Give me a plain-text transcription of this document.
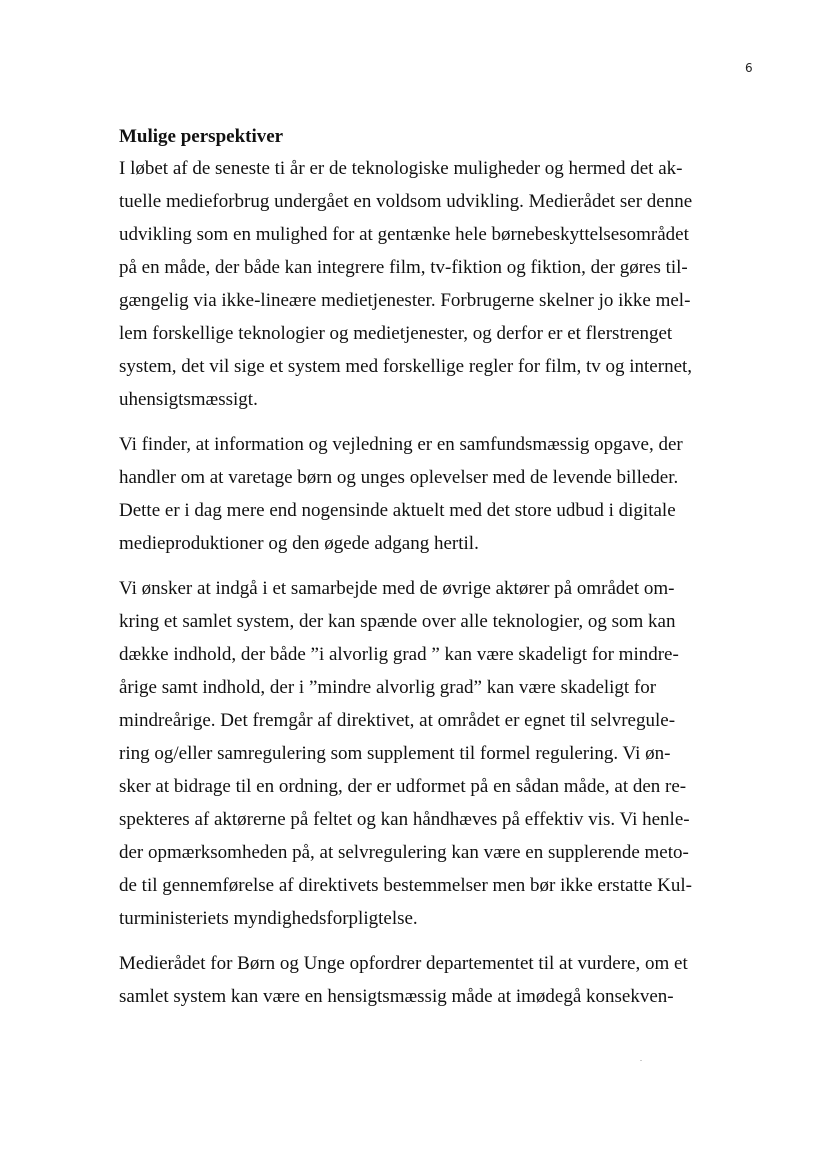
6
Mulige perspektiver
I løbet af de seneste ti år er de teknologiske muligheder og hermed det ak-
tuelle medieforbrug undergået en voldsom udvikling. Medierådet ser denne
udvikling som en mulighed for at gentænke hele børnebeskyttelsesområdet
på en måde, der både kan integrere film, tv-fiktion og fiktion, der gøres til-
gængelig via ikke-lineære medietjenester. Forbrugerne skelner jo ikke mel-
lem forskellige teknologier og medietjenester, og derfor er et flerstrenget
system, det vil sige et system med forskellige regler for film, tv og internet,
uhensigtsmæssigt.
Vi finder, at information og vejledning er en samfundsmæssig opgave, der
handler om at varetage børn og unges oplevelser med de levende billeder.
Dette er i dag mere end nogensinde aktuelt med det store udbud i digitale
medieproduktioner og den øgede adgang hertil.
Vi ønsker at indgå i et samarbejde med de øvrige aktører på området om-
kring et samlet system, der kan spænde over alle teknologier, og som kan
dække indhold, der både ”i alvorlig grad ” kan være skadeligt for mindre-
årige samt indhold, der i ”mindre alvorlig grad” kan være skadeligt for
mindreårige. Det fremgår af direktivet, at området er egnet til selvregule-
ring og/eller samregulering som supplement til formel regulering. Vi øn-
sker at bidrage til en ordning, der er udformet på en sådan måde, at den re-
spekteres af aktørerne på feltet og kan håndhæves på effektiv vis. Vi henle-
der opmærksomheden på, at selvregulering kan være en supplerende meto-
de til gennemførelse af direktivets bestemmelser men bør ikke erstatte Kul-
turministeriets myndighedsforpligtelse.
Medierådet for Børn og Unge opfordrer departementet til at vurdere, om et
samlet system kan være en hensigtsmæssig måde at imødegå konsekven-
